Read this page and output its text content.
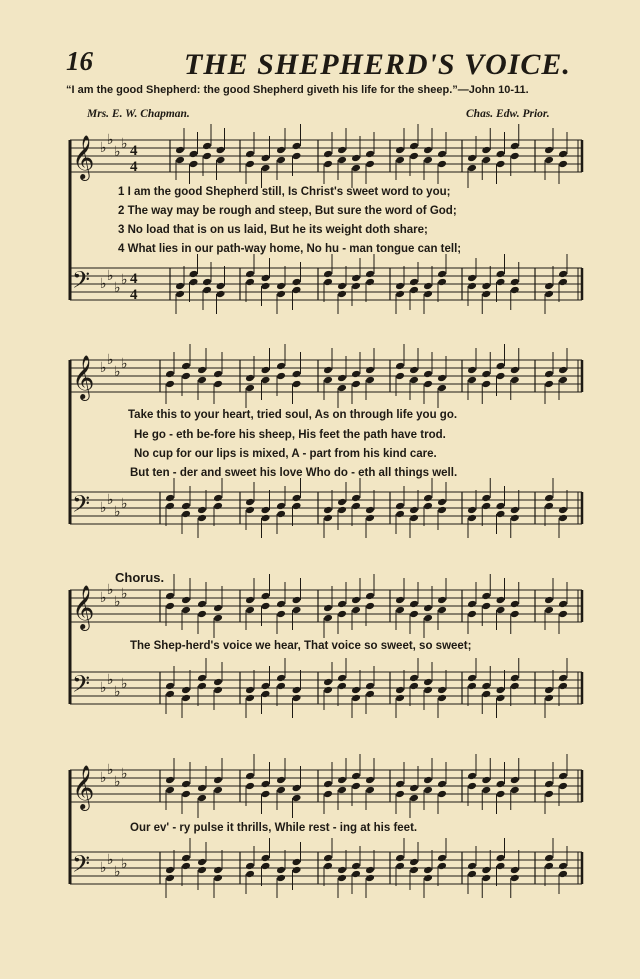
16	THE SHEPHERD'S VOICE.
“I am the good Shepherd: the good Shepherd giveth his life for the sheep.”—John 10-11.
Mrs. E. W. Chapman.	Chas. Edw. Prior.
1 I am the good Shepherd still, Is Christ's sweet word to you;
2 The way may be rough and steep, But sure the word of God;
3 No load that is on us laid, But he its weight doth share;
4 What lies in our path-way home, No hu - man tongue can tell;
Take this to your heart, tried soul, As on through life you go.
He go - eth be-fore his sheep, His feet the path have trod.
No cup for our lips is mixed, A - part from his kind care.
But ten - der and sweet his love Who do - eth all things well.
Chorus.
The Shep-herd's voice we hear, That voice so sweet, so sweet;
Our ev' - ry pulse it thrills, While rest - ing at his feet.
𝄞 ♭ ♭
♭ ♭ 4
4
𝄢 ♭ ♭
♭ ♭ 4
4
𝄞 ♭ ♭
♭ ♭
𝄢 ♭ ♭
♭ ♭
𝄞 ♭ ♭
♭ ♭
𝄢 ♭ ♭
♭ ♭
𝄞 ♭ ♭
♭ ♭
𝄢 ♭ ♭
♭ ♭
